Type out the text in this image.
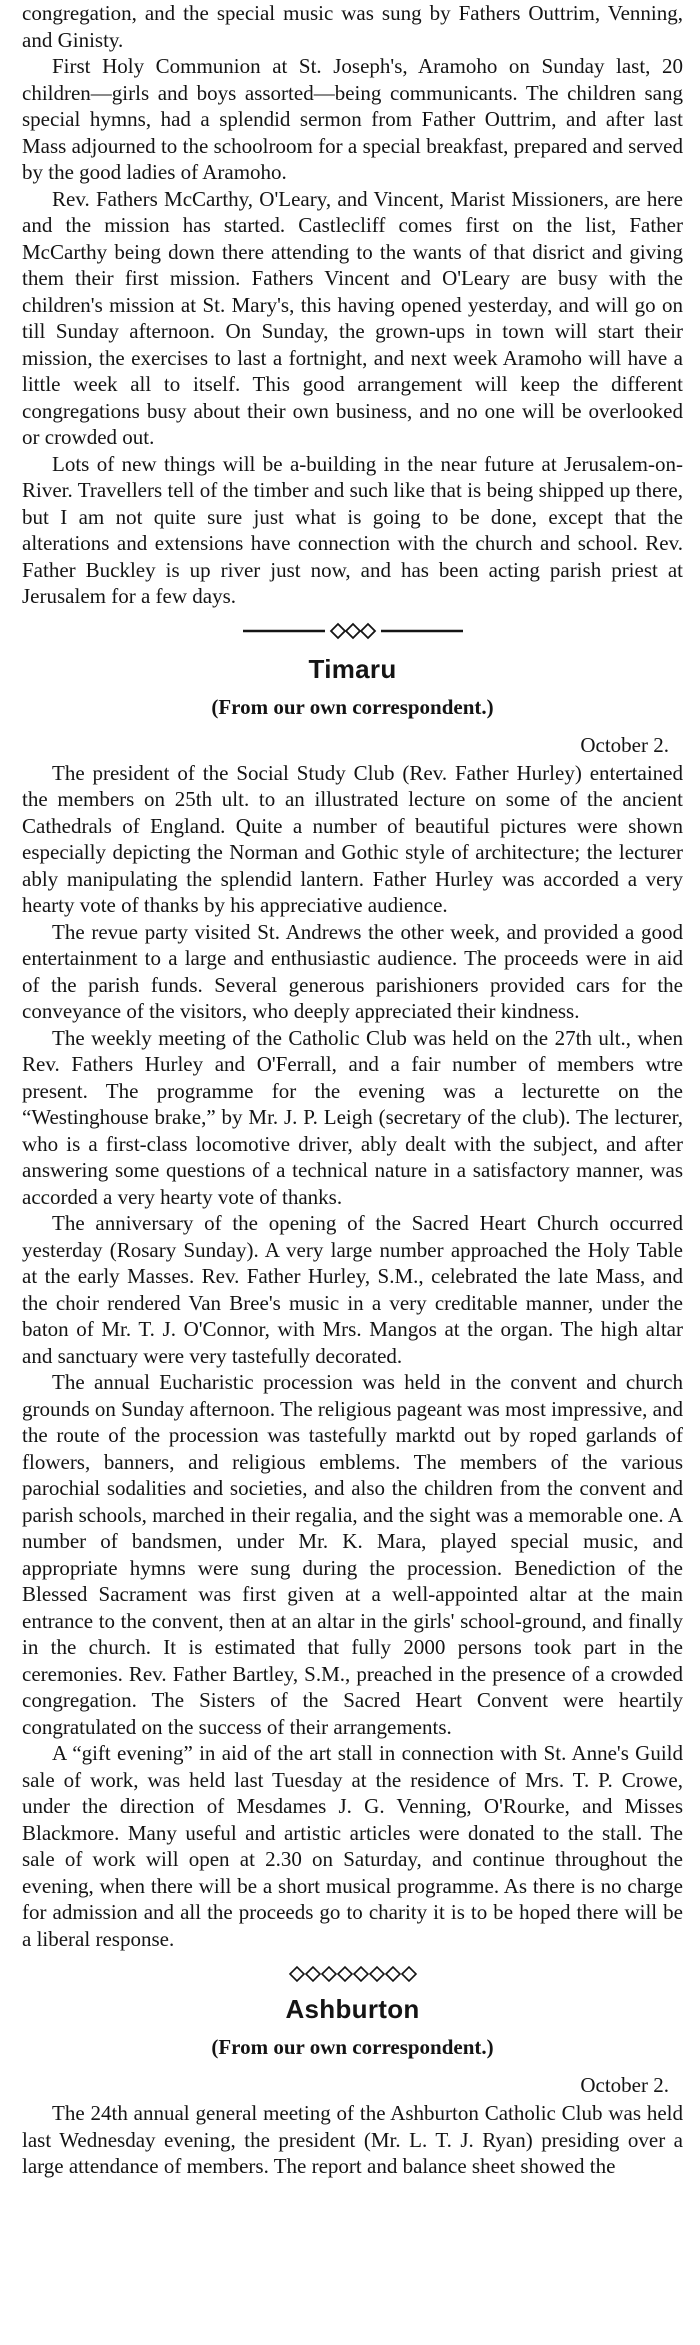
congregation, and the special music was sung by Fathers Outtrim, Venning, and Ginisty.

First Holy Communion at St. Joseph's, Aramoho on Sunday last, 20 children—girls and boys assorted—being communicants. The children sang special hymns, had a splendid sermon from Father Outtrim, and after last Mass adjourned to the schoolroom for a special breakfast, prepared and served by the good ladies of Aramoho.

Rev. Fathers McCarthy, O'Leary, and Vincent, Marist Missioners, are here and the mission has started. Castlecliff comes first on the list, Father McCarthy being down there attending to the wants of that disrict and giving them their first mission. Fathers Vincent and O'Leary are busy with the children's mission at St. Mary's, this having opened yesterday, and will go on till Sunday afternoon. On Sunday, the grown-ups in town will start their mission, the exercises to last a fortnight, and next week Aramoho will have a little week all to itself. This good arrangement will keep the different congregations busy about their own business, and no one will be overlooked or crowded out.

Lots of new things will be a-building in the near future at Jerusalem-on-River. Travellers tell of the timber and such like that is being shipped up there, but I am not quite sure just what is going to be done, except that the alterations and extensions have connection with the church and school. Rev. Father Buckley is up river just now, and has been acting parish priest at Jerusalem for a few days.

Timaru
(From our own correspondent.)
October 2.

The president of the Social Study Club (Rev. Father Hurley) entertained the members on 25th ult. to an illustrated lecture on some of the ancient Cathedrals of England. Quite a number of beautiful pictures were shown especially depicting the Norman and Gothic style of architecture; the lecturer ably manipulating the splendid lantern. Father Hurley was accorded a very hearty vote of thanks by his appreciative audience.

The revue party visited St. Andrews the other week, and provided a good entertainment to a large and enthusiastic audience. The proceeds were in aid of the parish funds. Several generous parishioners provided cars for the conveyance of the visitors, who deeply appreciated their kindness.

The weekly meeting of the Catholic Club was held on the 27th ult., when Rev. Fathers Hurley and O'Ferrall, and a fair number of members wtre present. The programme for the evening was a lecturette on the “Westinghouse brake,” by Mr. J. P. Leigh (secretary of the club). The lecturer, who is a first-class locomotive driver, ably dealt with the subject, and after answering some questions of a technical nature in a satisfactory manner, was accorded a very hearty vote of thanks.

The anniversary of the opening of the Sacred Heart Church occurred yesterday (Rosary Sunday). A very large number approached the Holy Table at the early Masses. Rev. Father Hurley, S.M., celebrated the late Mass, and the choir rendered Van Bree's music in a very creditable manner, under the baton of Mr. T. J. O'Connor, with Mrs. Mangos at the organ. The high altar and sanctuary were very tastefully decorated.

The annual Eucharistic procession was held in the convent and church grounds on Sunday afternoon. The religious pageant was most impressive, and the route of the procession was tastefully marktd out by roped garlands of flowers, banners, and religious emblems. The members of the various parochial sodalities and societies, and also the children from the convent and parish schools, marched in their regalia, and the sight was a memorable one. A number of bandsmen, under Mr. K. Mara, played special music, and appropriate hymns were sung during the procession. Benediction of the Blessed Sacrament was first given at a well-appointed altar at the main entrance to the convent, then at an altar in the girls' school-ground, and finally in the church. It is estimated that fully 2000 persons took part in the ceremonies. Rev. Father Bartley, S.M., preached in the presence of a crowded congregation. The Sisters of the Sacred Heart Convent were heartily congratulated on the success of their arrangements.

A “gift evening” in aid of the art stall in connection with St. Anne's Guild sale of work, was held last Tuesday at the residence of Mrs. T. P. Crowe, under the direction of Mesdames J. G. Venning, O'Rourke, and Misses Blackmore. Many useful and artistic articles were donated to the stall. The sale of work will open at 2.30 on Saturday, and continue throughout the evening, when there will be a short musical programme. As there is no charge for admission and all the proceeds go to charity it is to be hoped there will be a liberal response.

Ashburton
(From our own correspondent.)
October 2.

The 24th annual general meeting of the Ashburton Catholic Club was held last Wednesday evening, the president (Mr. L. T. J. Ryan) presiding over a large attendance of members. The report and balance sheet showed the
